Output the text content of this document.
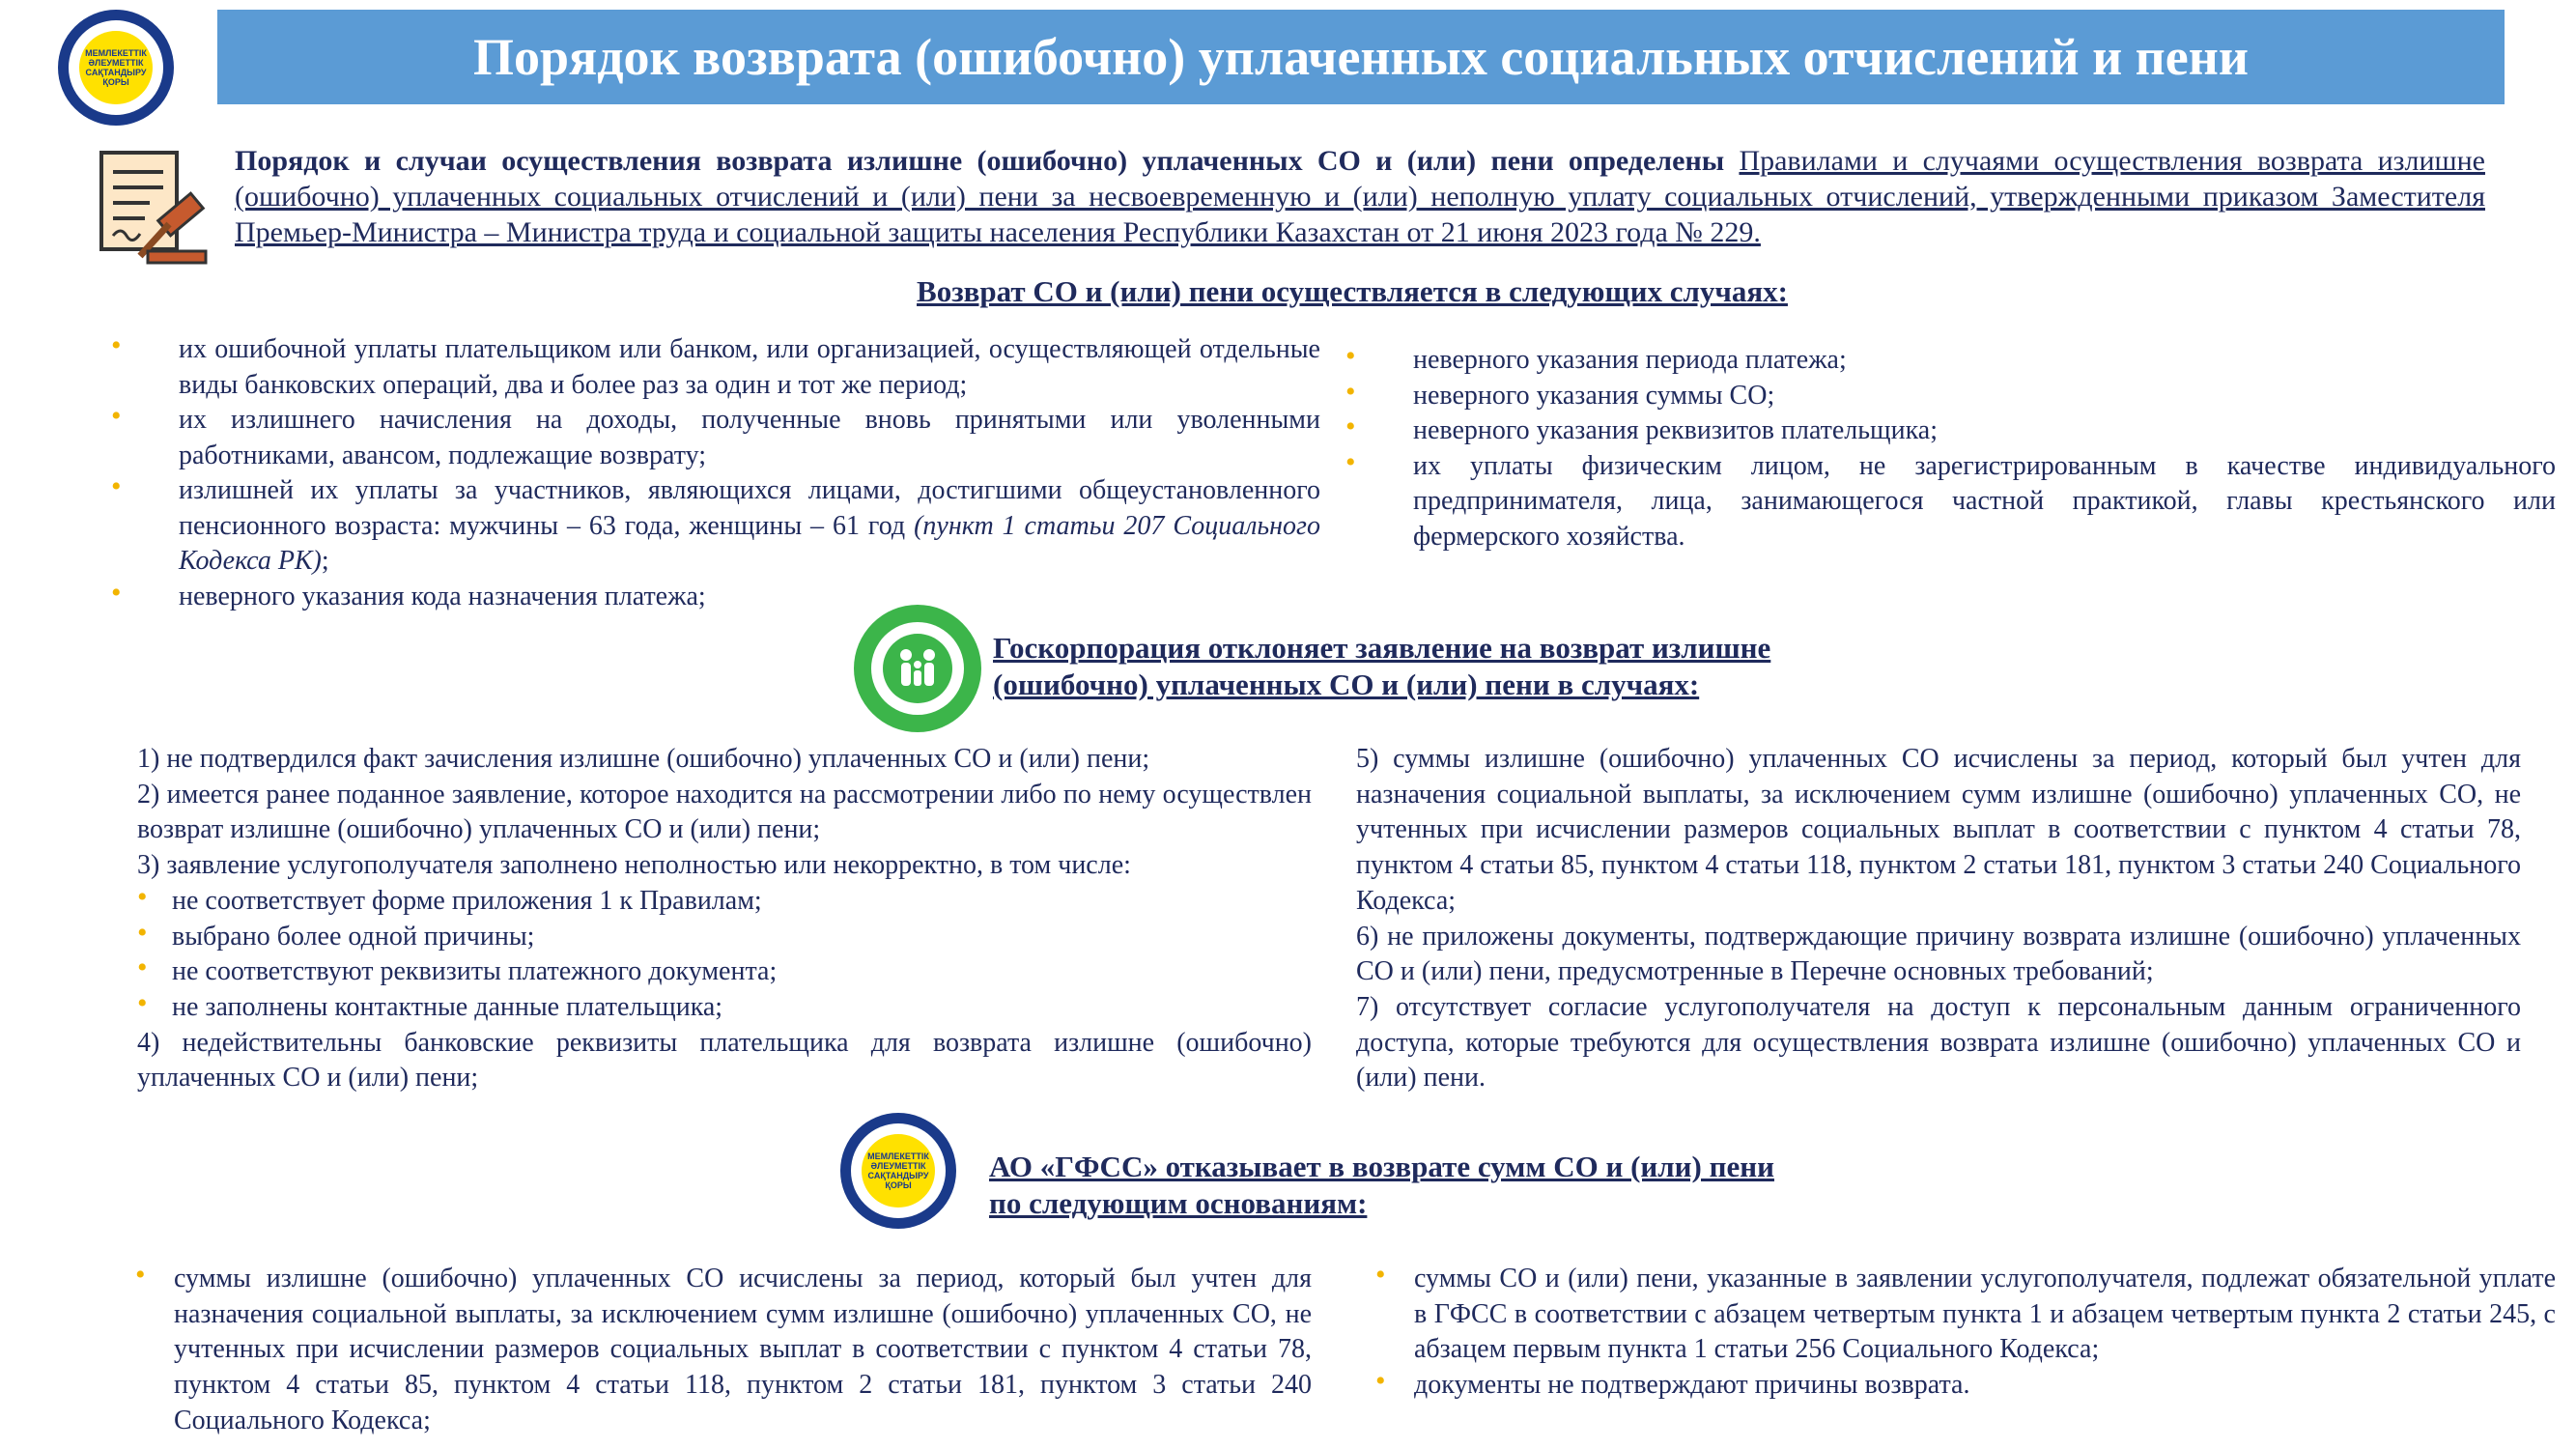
МЕМЛЕКЕТТІК ӘЛЕУМЕТТІК САҚТАНДЫРУ ҚОРЫ	Порядок возврата (ошибочно) уплаченных социальных отчислений и пени
Порядок и случаи осуществления возврата излишне (ошибочно) уплаченных СО и (или) пени определены Правилами и случаями осуществления возврата излишне (ошибочно) уплаченных социальных отчислений и (или) пени за несвоевременную и (или) неполную уплату социальных отчислений, утвержденными приказом Заместителя Премьер-Министра – Министра труда и социальной защиты населения Республики Казахстан от 21 июня 2023 года № 229.
Возврат СО и (или) пени осуществляется в следующих случаях:
• их ошибочной уплаты плательщиком или банком, или организацией, осуществляющей отдельные виды банковских операций, два и более раз за один и тот же период;
• их излишнего начисления на доходы, полученные вновь принятыми или уволенными работниками, авансом, подлежащие возврату;
• излишней их уплаты за участников, являющихся лицами, достигшими общеустановленного пенсионного возраста: мужчины – 63 года, женщины – 61 год (пункт 1 статьи 207 Социального Кодекса РК);
• неверного указания кода назначения платежа;
• неверного указания периода платежа;
• неверного указания суммы СО;
• неверного указания реквизитов плательщика;
• их уплаты физическим лицом, не зарегистрированным в качестве индивидуального предпринимателя, лица, занимающегося частной практикой, главы крестьянского или фермерского хозяйства.
Госкорпорация отклоняет заявление на возврат излишне
(ошибочно) уплаченных СО и (или) пени в случаях:
1) не подтвердился факт зачисления излишне (ошибочно) уплаченных СО и (или) пени;
2) имеется ранее поданное заявление, которое находится на рассмотрении либо по нему осуществлен возврат излишне (ошибочно) уплаченных СО и (или) пени;
3) заявление услугополучателя заполнено неполностью или некорректно, в том числе:
• не соответствует форме приложения 1 к Правилам;
• выбрано более одной причины;
• не соответствуют реквизиты платежного документа;
• не заполнены контактные данные плательщика;
4) недействительны банковские реквизиты плательщика для возврата излишне (ошибочно) уплаченных СО и (или) пени;
5) суммы излишне (ошибочно) уплаченных СО исчислены за период, который был учтен для назначения социальной выплаты, за исключением сумм излишне (ошибочно) уплаченных СО, не учтенных при исчислении размеров социальных выплат в соответствии с пунктом 4 статьи 78, пунктом 4 статьи 85, пунктом 4 статьи 118, пунктом 2 статьи 181, пунктом 3 статьи 240 Социального Кодекса;
6) не приложены документы, подтверждающие причину возврата излишне (ошибочно) уплаченных СО и (или) пени, предусмотренные в Перечне основных требований;
7) отсутствует согласие услугополучателя на доступ к персональным данным ограниченного доступа, которые требуются для осуществления возврата излишне (ошибочно) уплаченных СО и (или) пени.
МЕМЛЕКЕТТІК ӘЛЕУМЕТТІК САҚТАНДЫРУ ҚОРЫ
АО «ГФСС» отказывает в возврате сумм СО и (или) пени
по следующим основаниям:
• суммы излишне (ошибочно) уплаченных СО исчислены за период, который был учтен для назначения социальной выплаты, за исключением сумм излишне (ошибочно) уплаченных СО, не учтенных при исчислении размеров социальных выплат в соответствии с пунктом 4 статьи 78, пунктом 4 статьи 85, пунктом 4 статьи 118, пунктом 2 статьи 181, пунктом 3 статьи 240 Социального Кодекса;
• суммы СО и (или) пени, указанные в заявлении услугополучателя, подлежат обязательной уплате в ГФСС в соответствии с абзацем четвертым пункта 1 и абзацем четвертым пункта 2 статьи 245, с абзацем первым пункта 1 статьи 256 Социального Кодекса;
• документы не подтверждают причины возврата.
